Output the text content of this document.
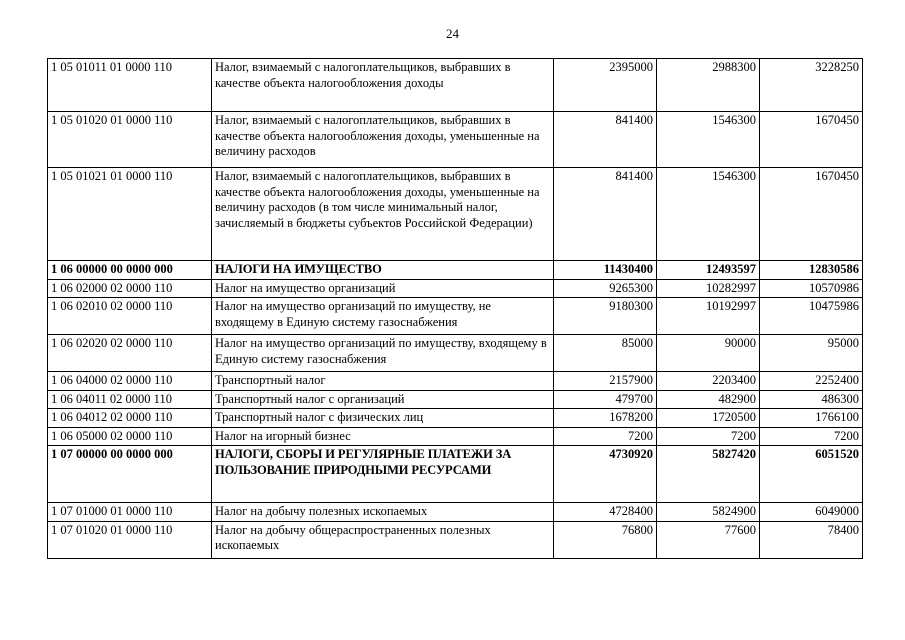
24
1 05 01011 01 0000 110	Налог, взимаемый с налогоплательщиков, выбравших в качестве объекта налогообложения доходы	2395000	2988300	3228250
1 05 01020 01 0000 110	Налог, взимаемый с налогоплательщиков, выбравших в качестве объекта налогообложения доходы, уменьшенные на величину расходов	841400	1546300	1670450
1 05 01021 01 0000 110	Налог, взимаемый с налогоплательщиков, выбравших в качестве объекта налогообложения доходы, уменьшенные на величину расходов (в том числе минимальный налог, зачисляемый в бюджеты субъектов Российской Федерации)	841400	1546300	1670450
1 06 00000 00 0000 000	НАЛОГИ НА ИМУЩЕСТВО	11430400	12493597	12830586
1 06 02000 02 0000 110	Налог на имущество организаций	9265300	10282997	10570986
1 06 02010 02 0000 110	Налог на имущество организаций по имуществу, не входящему в Единую систему газоснабжения	9180300	10192997	10475986
1 06 02020 02 0000 110	Налог на имущество организаций по имуществу, входящему в Единую систему газоснабжения	85000	90000	95000
1 06 04000 02 0000 110	Транспортный налог	2157900	2203400	2252400
1 06 04011 02 0000 110	Транспортный налог с организаций	479700	482900	486300
1 06 04012 02 0000 110	Транспортный налог с физических лиц	1678200	1720500	1766100
1 06 05000 02 0000 110	Налог на игорный бизнес	7200	7200	7200
1 07 00000 00 0000 000	НАЛОГИ, СБОРЫ И РЕГУЛЯРНЫЕ ПЛАТЕЖИ ЗА ПОЛЬЗОВАНИЕ ПРИРОДНЫМИ РЕСУРСАМИ	4730920	5827420	6051520
1 07 01000 01 0000 110	Налог на добычу полезных ископаемых	4728400	5824900	6049000
1 07 01020 01 0000 110	Налог на добычу общераспространенных полезных ископаемых	76800	77600	78400
